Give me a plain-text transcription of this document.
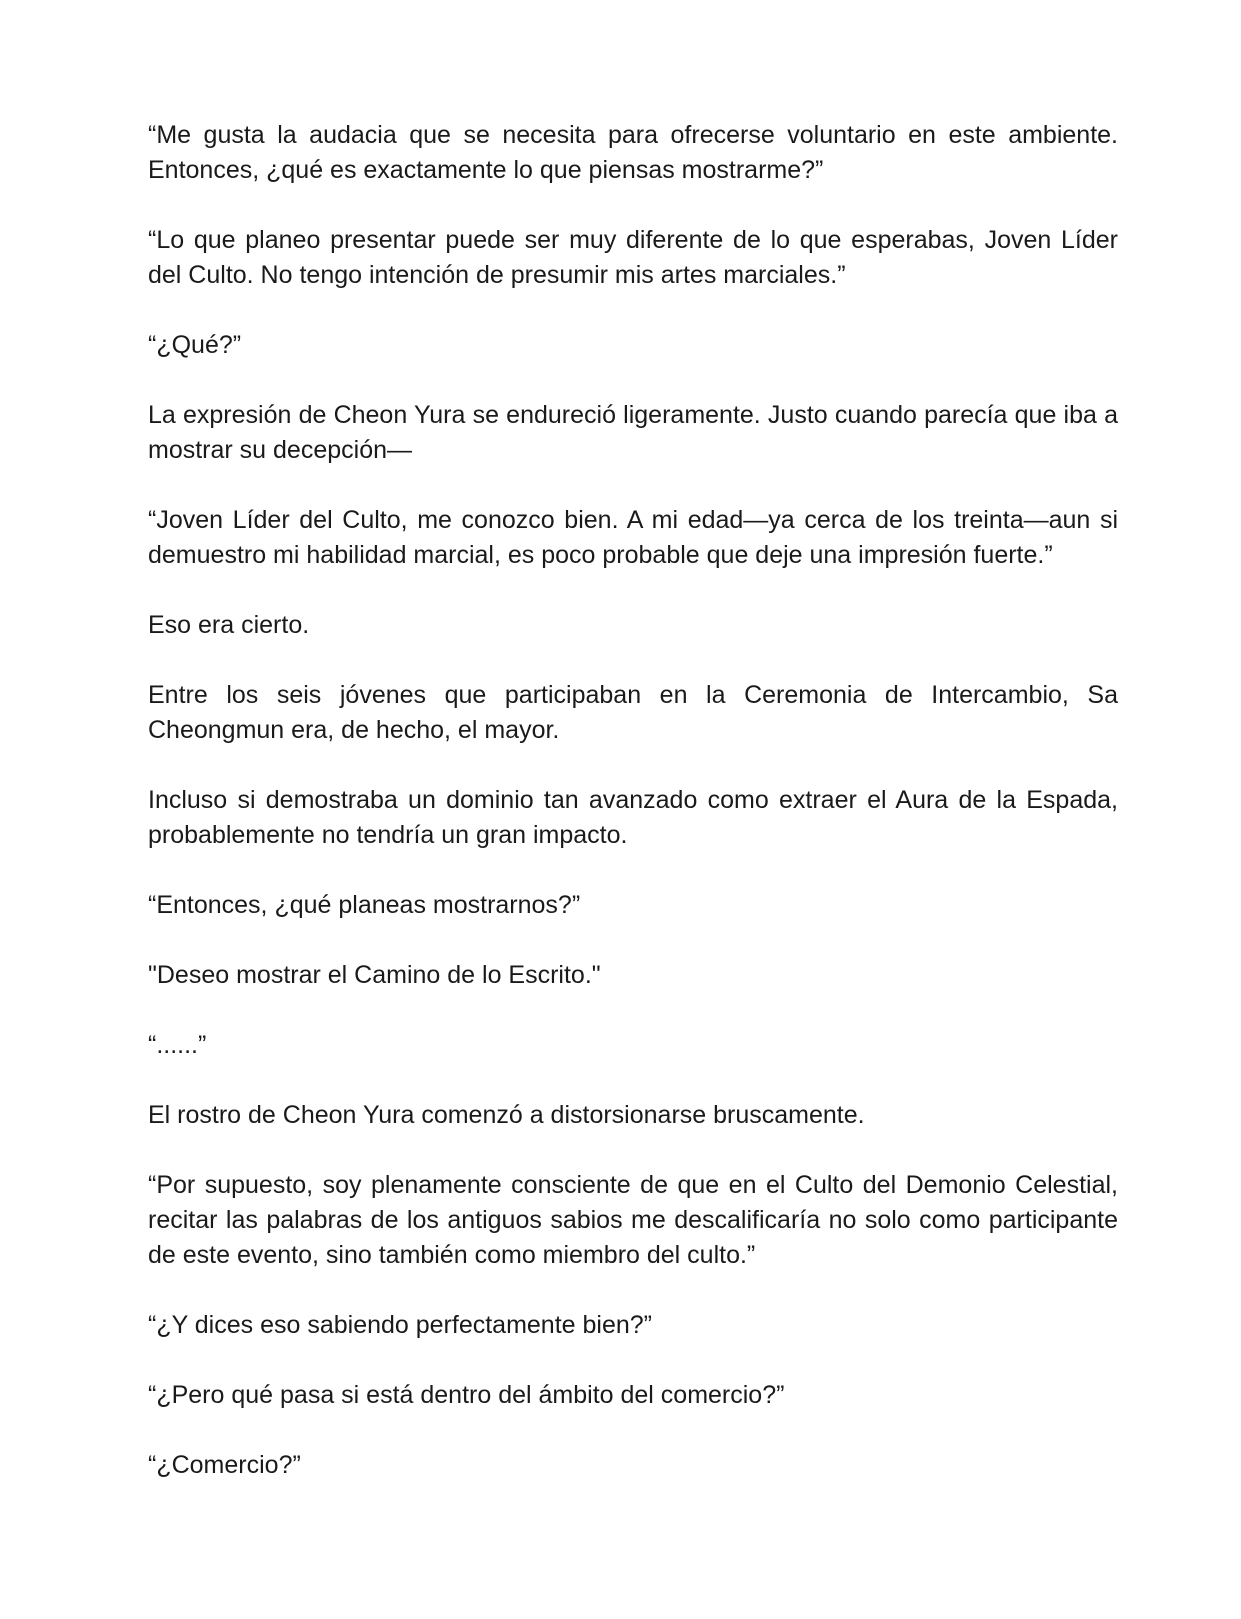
“Me gusta la audacia que se necesita para ofrecerse voluntario en este ambiente. Entonces, ¿qué es exactamente lo que piensas mostrarme?”

“Lo que planeo presentar puede ser muy diferente de lo que esperabas, Joven Líder del Culto. No tengo intención de presumir mis artes marciales.”

“¿Qué?”

La expresión de Cheon Yura se endureció ligeramente. Justo cuando parecía que iba a mostrar su decepción—

“Joven Líder del Culto, me conozco bien. A mi edad—ya cerca de los treinta—aun si demuestro mi habilidad marcial, es poco probable que deje una impresión fuerte.”

Eso era cierto.

Entre los seis jóvenes que participaban en la Ceremonia de Intercambio, Sa Cheongmun era, de hecho, el mayor.

Incluso si demostraba un dominio tan avanzado como extraer el Aura de la Espada, probablemente no tendría un gran impacto.

“Entonces, ¿qué planeas mostrarnos?”

"Deseo mostrar el Camino de lo Escrito."

“......”

El rostro de Cheon Yura comenzó a distorsionarse bruscamente.

“Por supuesto, soy plenamente consciente de que en el Culto del Demonio Celestial, recitar las palabras de los antiguos sabios me descalificaría no solo como participante de este evento, sino también como miembro del culto.”

“¿Y dices eso sabiendo perfectamente bien?”

“¿Pero qué pasa si está dentro del ámbito del comercio?”

“¿Comercio?”
